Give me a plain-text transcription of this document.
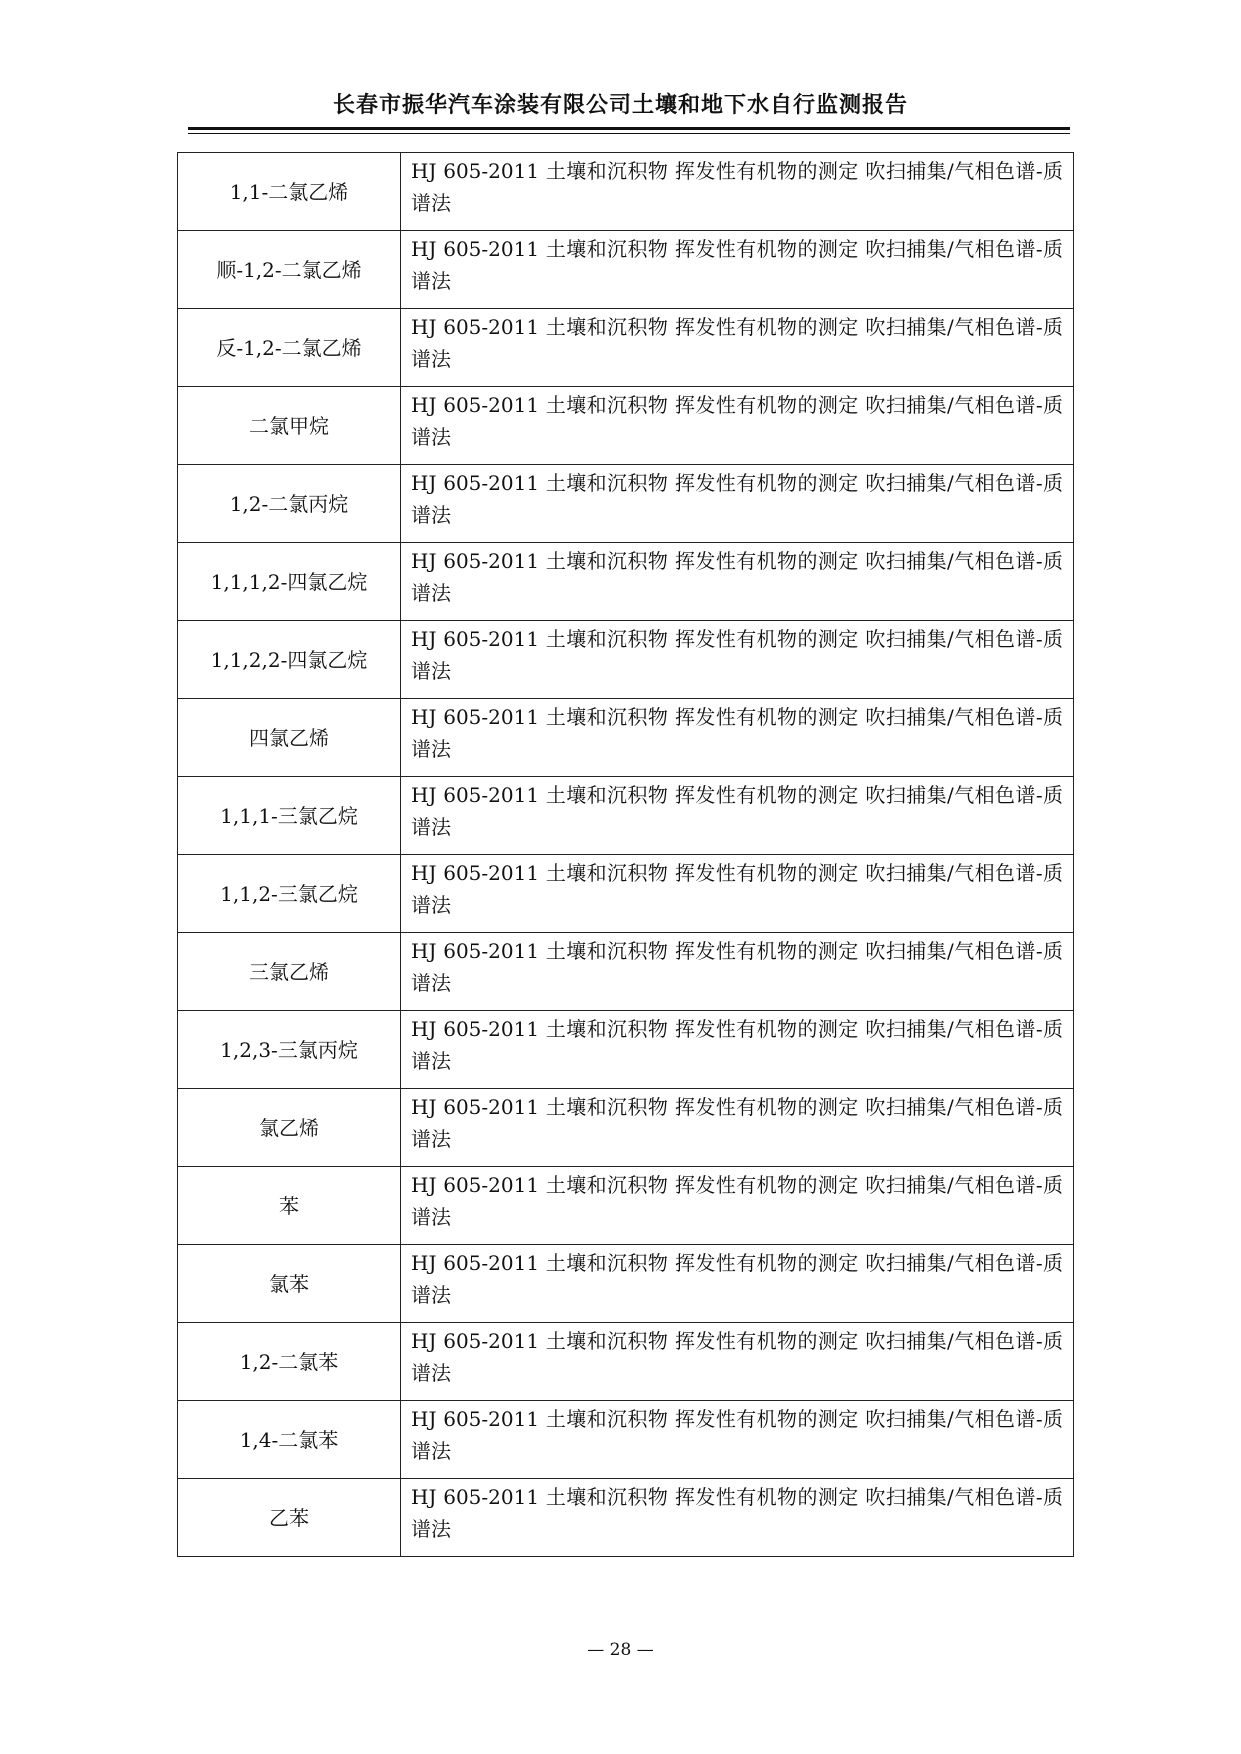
长春市振华汽车涂装有限公司土壤和地下水自行监测报告
1,1-二氯乙烯	HJ 605-2011 土壤和沉积物 挥发性有机物的测定 吹扫捕集/气相色谱-质谱法
顺-1,2-二氯乙烯	HJ 605-2011 土壤和沉积物 挥发性有机物的测定 吹扫捕集/气相色谱-质谱法
反-1,2-二氯乙烯	HJ 605-2011 土壤和沉积物 挥发性有机物的测定 吹扫捕集/气相色谱-质谱法
二氯甲烷	HJ 605-2011 土壤和沉积物 挥发性有机物的测定 吹扫捕集/气相色谱-质谱法
1,2-二氯丙烷	HJ 605-2011 土壤和沉积物 挥发性有机物的测定 吹扫捕集/气相色谱-质谱法
1,1,1,2-四氯乙烷	HJ 605-2011 土壤和沉积物 挥发性有机物的测定 吹扫捕集/气相色谱-质谱法
1,1,2,2-四氯乙烷	HJ 605-2011 土壤和沉积物 挥发性有机物的测定 吹扫捕集/气相色谱-质谱法
四氯乙烯	HJ 605-2011 土壤和沉积物 挥发性有机物的测定 吹扫捕集/气相色谱-质谱法
1,1,1-三氯乙烷	HJ 605-2011 土壤和沉积物 挥发性有机物的测定 吹扫捕集/气相色谱-质谱法
1,1,2-三氯乙烷	HJ 605-2011 土壤和沉积物 挥发性有机物的测定 吹扫捕集/气相色谱-质谱法
三氯乙烯	HJ 605-2011 土壤和沉积物 挥发性有机物的测定 吹扫捕集/气相色谱-质谱法
1,2,3-三氯丙烷	HJ 605-2011 土壤和沉积物 挥发性有机物的测定 吹扫捕集/气相色谱-质谱法
氯乙烯	HJ 605-2011 土壤和沉积物 挥发性有机物的测定 吹扫捕集/气相色谱-质谱法
苯	HJ 605-2011 土壤和沉积物 挥发性有机物的测定 吹扫捕集/气相色谱-质谱法
氯苯	HJ 605-2011 土壤和沉积物 挥发性有机物的测定 吹扫捕集/气相色谱-质谱法
1,2-二氯苯	HJ 605-2011 土壤和沉积物 挥发性有机物的测定 吹扫捕集/气相色谱-质谱法
1,4-二氯苯	HJ 605-2011 土壤和沉积物 挥发性有机物的测定 吹扫捕集/气相色谱-质谱法
乙苯	HJ 605-2011 土壤和沉积物 挥发性有机物的测定 吹扫捕集/气相色谱-质谱法
— 28 —
